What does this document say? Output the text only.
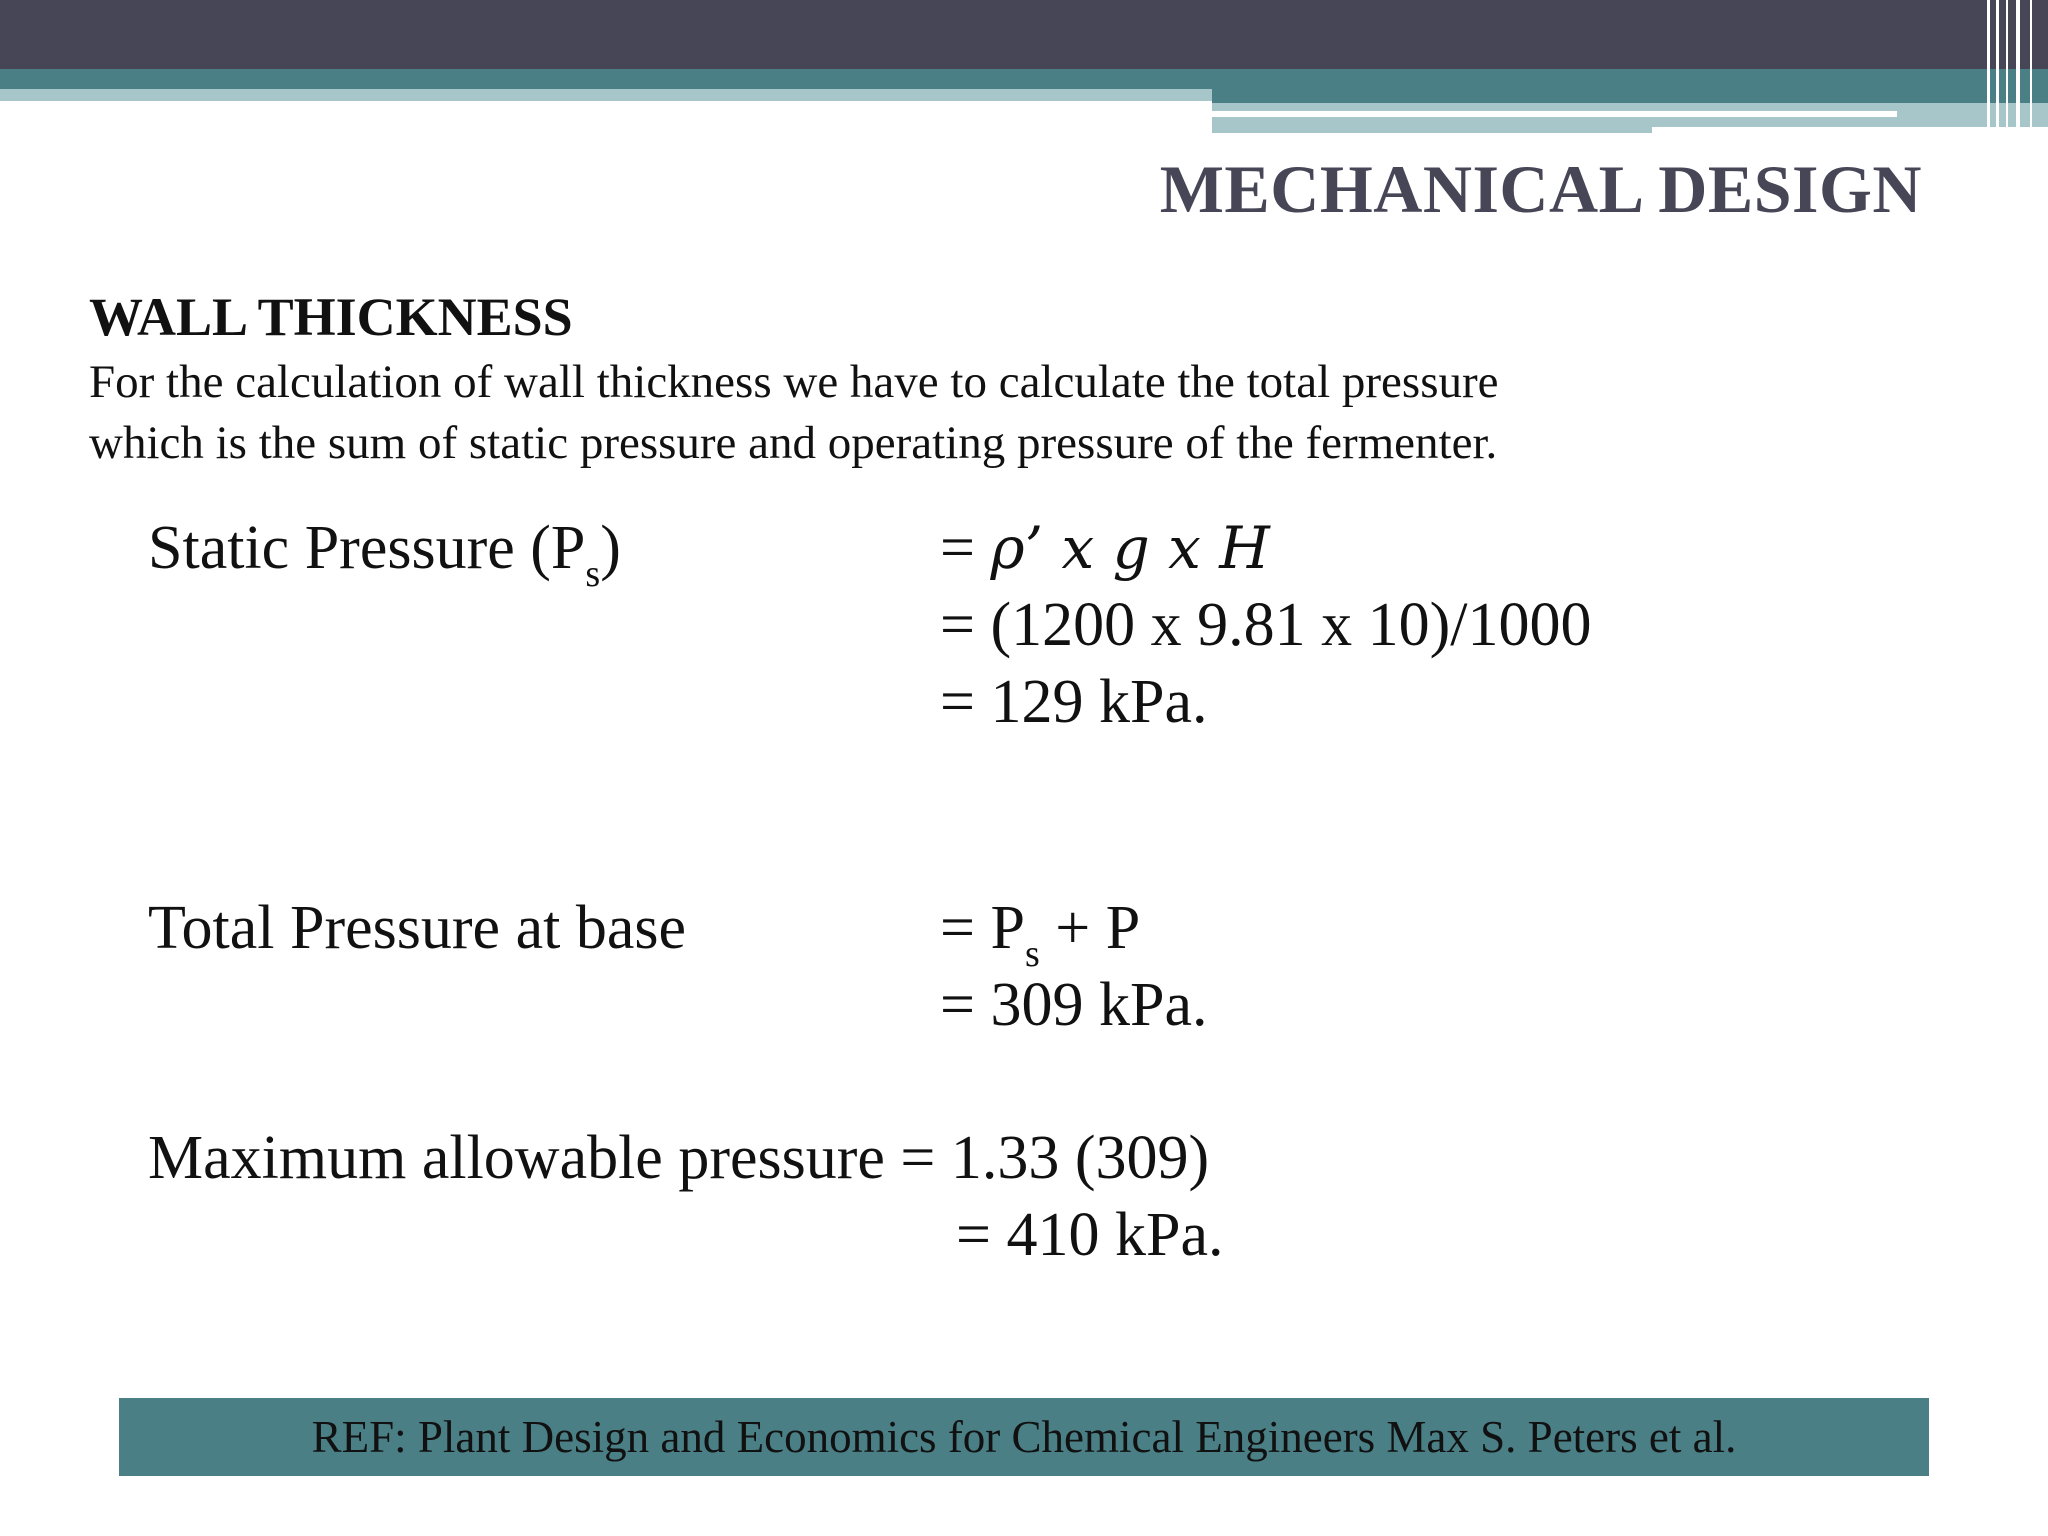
MECHANICAL DESIGN
WALL THICKNESS

For the calculation of wall thickness we have to calculate the total pressure

which is the sum of static pressure and operating pressure of the fermenter.

Static Pressure $(P_s)$	= ρ’ x g x H
= (1200 x 9.81 x 10)/1000
= 129 kPa.
Total Pressure at base	= $P_s + P$
= 309 kPa.
Maximum allowable pressure = 1.33 (309)
= 410 kPa.
REF: Plant Design and Economics for Chemical Engineers Max S. Peters et al.
